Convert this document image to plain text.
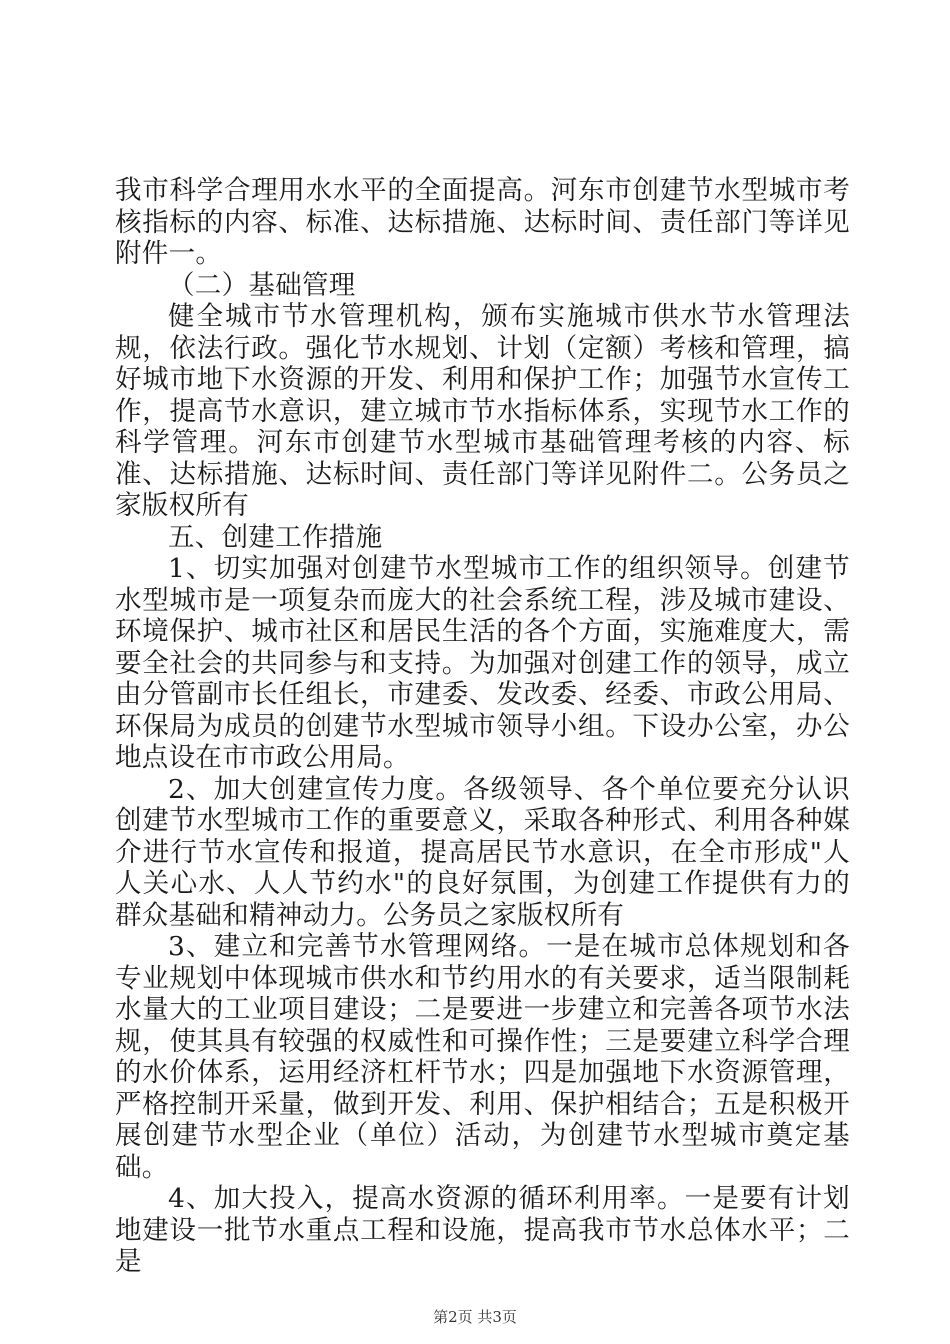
我市科学合理用水水平的全面提高。河东市创建节水型城市考核指标的内容、标准、达标措施、达标时间、责任部门等详见附件一。

（二）基础管理

健全城市节水管理机构，颁布实施城市供水节水管理法规，依法行政。强化节水规划、计划（定额）考核和管理，搞好城市地下水资源的开发、利用和保护工作；加强节水宣传工作，提高节水意识，建立城市节水指标体系，实现节水工作的科学管理。河东市创建节水型城市基础管理考核的内容、标准、达标措施、达标时间、责任部门等详见附件二。公务员之家版权所有

五、创建工作措施

1、切实加强对创建节水型城市工作的组织领导。创建节水型城市是一项复杂而庞大的社会系统工程，涉及城市建设、环境保护、城市社区和居民生活的各个方面，实施难度大，需要全社会的共同参与和支持。为加强对创建工作的领导，成立由分管副市长任组长，市建委、发改委、经委、市政公用局、环保局为成员的创建节水型城市领导小组。下设办公室，办公地点设在市市政公用局。

2、加大创建宣传力度。各级领导、各个单位要充分认识创建节水型城市工作的重要意义，采取各种形式、利用各种媒介进行节水宣传和报道，提高居民节水意识，在全市形成"人人关心水、人人节约水"的良好氛围，为创建工作提供有力的群众基础和精神动力。公务员之家版权所有

3、建立和完善节水管理网络。一是在城市总体规划和各专业规划中体现城市供水和节约用水的有关要求，适当限制耗水量大的工业项目建设；二是要进一步建立和完善各项节水法规，使其具有较强的权威性和可操作性；三是要建立科学合理的水价体系，运用经济杠杆节水；四是加强地下水资源管理，严格控制开采量，做到开发、利用、保护相结合；五是积极开展创建节水型企业（单位）活动，为创建节水型城市奠定基础。

4、加大投入，提高水资源的循环利用率。一是要有计划地建设一批节水重点工程和设施，提高我市节水总体水平；二是

第2页 共3页
